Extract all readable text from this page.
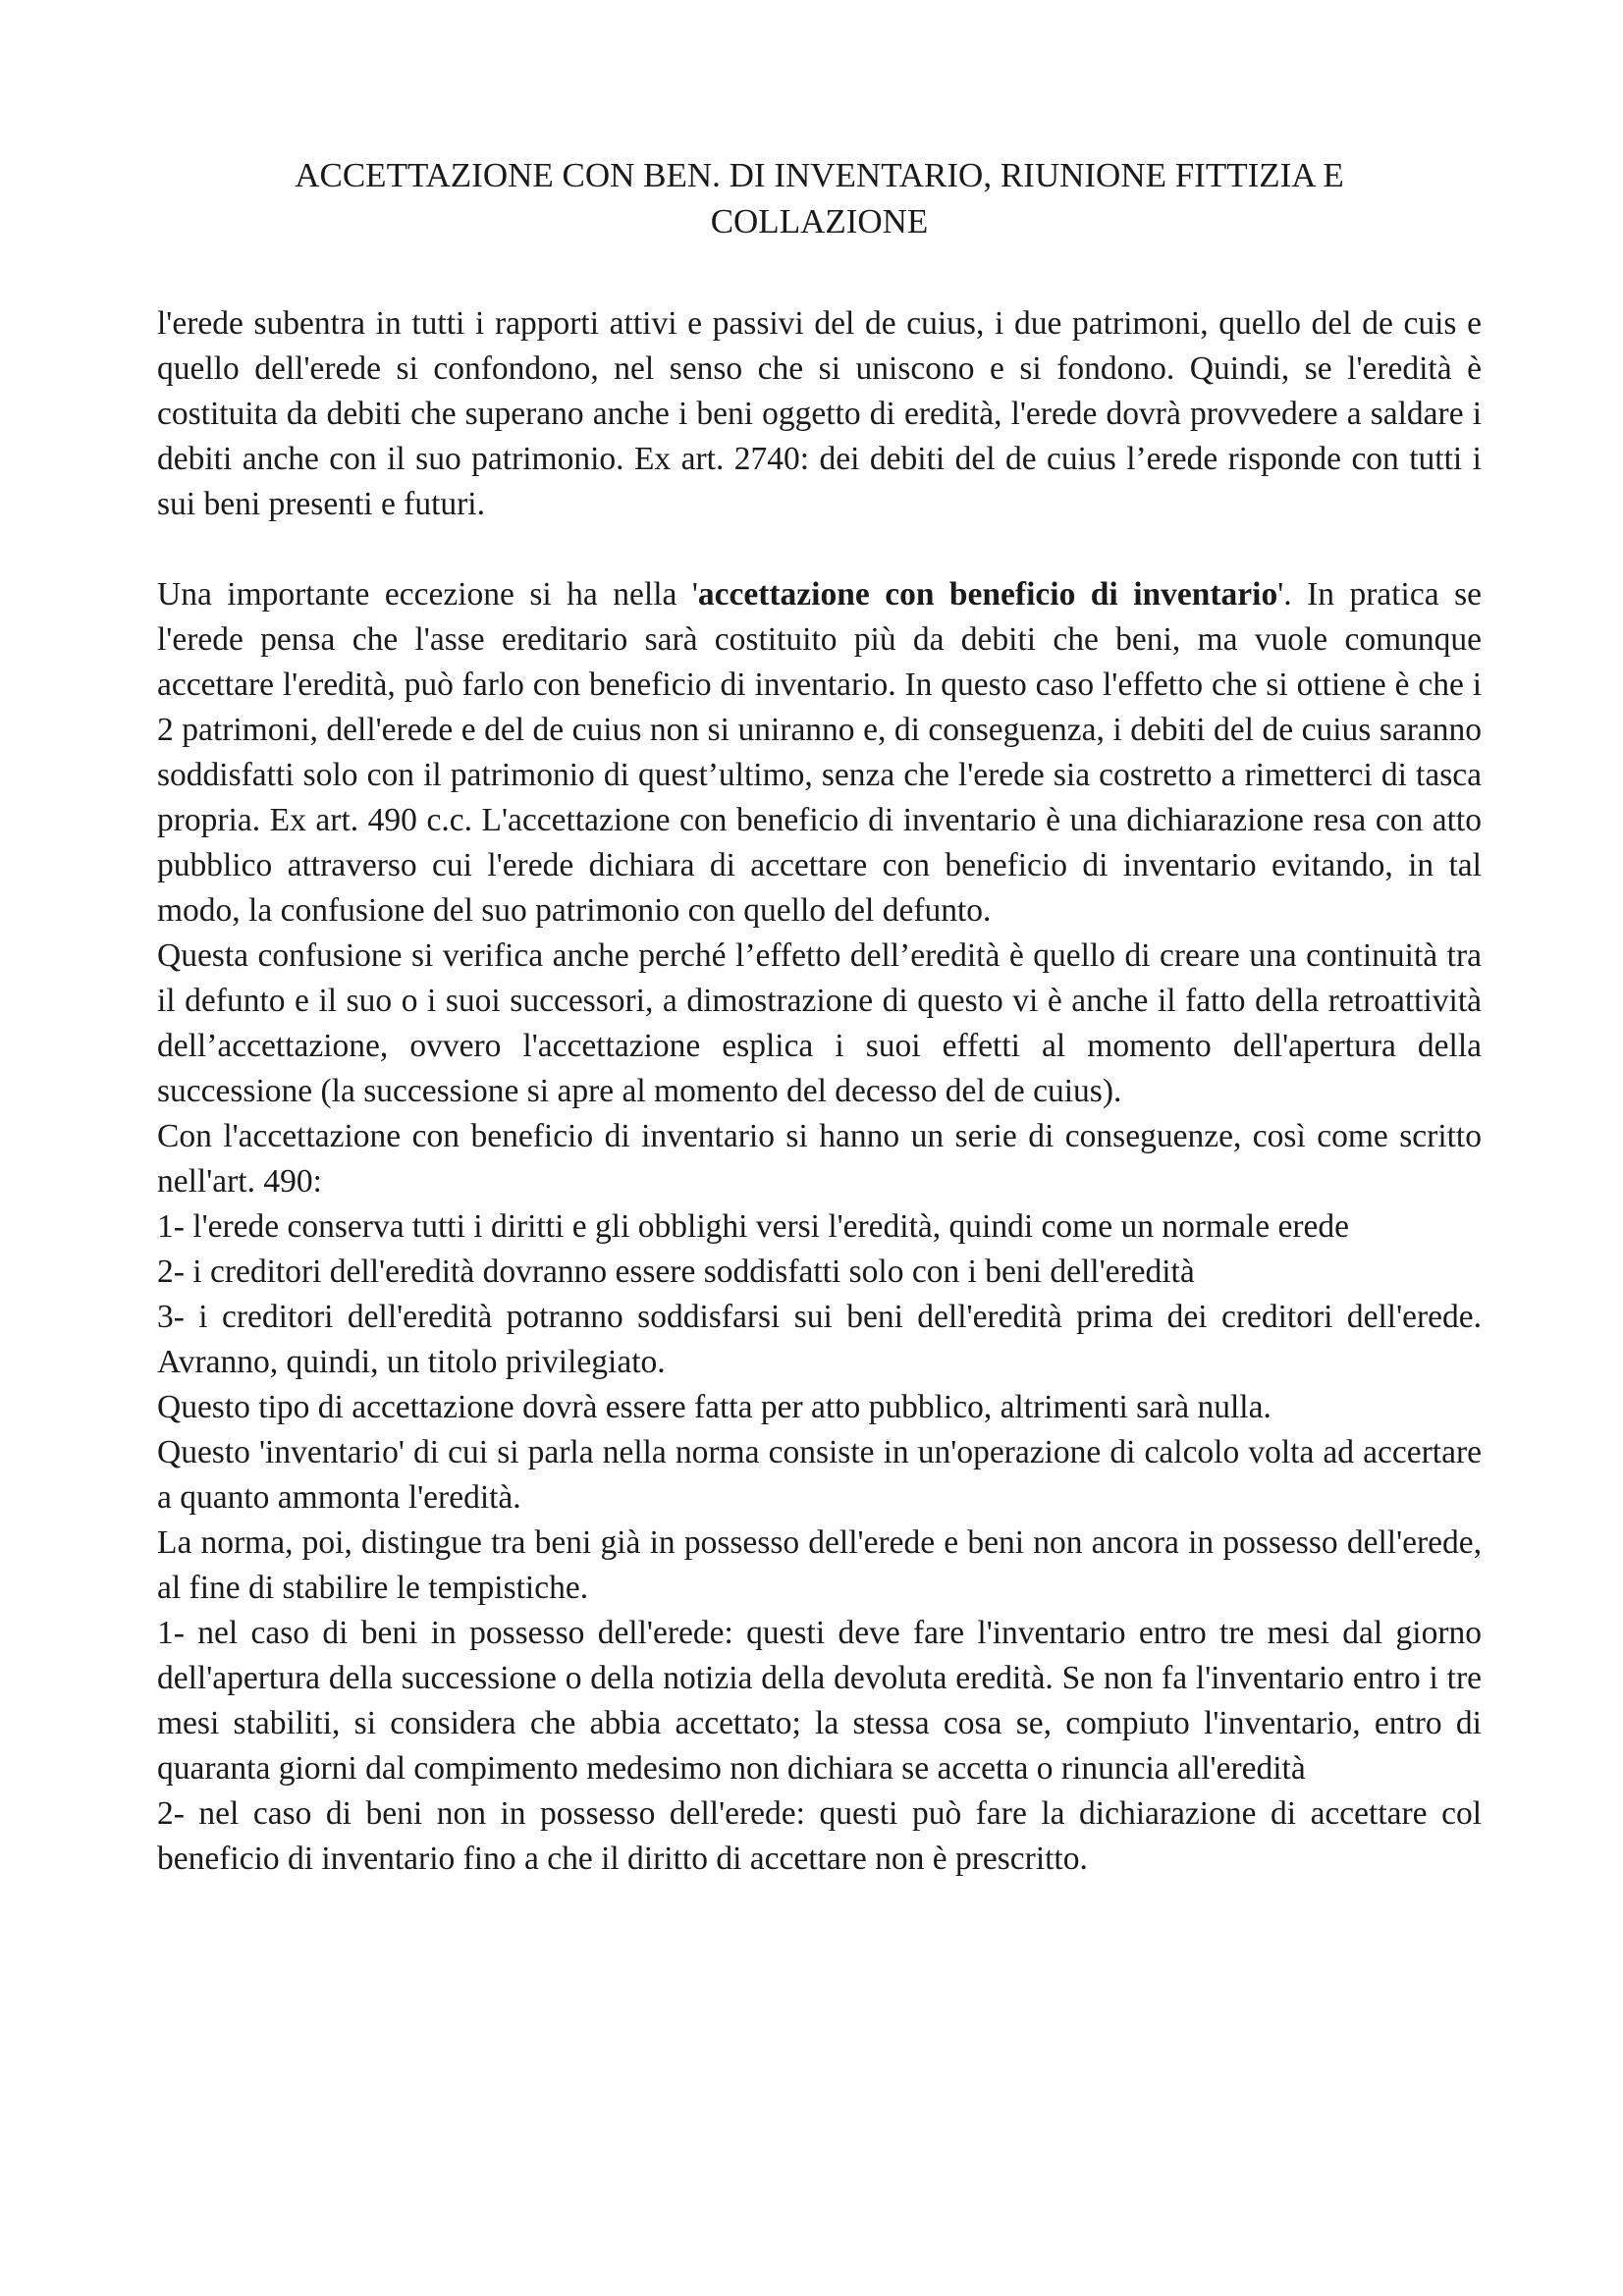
ACCETTAZIONE CON BEN. DI INVENTARIO, RIUNIONE FITTIZIA E
COLLAZIONE

l'erede subentra in tutti i rapporti attivi e passivi del de cuius, i due patrimoni, quello del de cuis e quello dell'erede si confondono, nel senso che si uniscono e si fondono. Quindi, se l'eredità è costituita da debiti che superano anche i beni oggetto di eredità, l'erede dovrà provvedere a saldare i debiti anche con il suo patrimonio. Ex art. 2740: dei debiti del de cuius l’erede risponde con tutti i sui beni presenti e futuri.

Una importante eccezione si ha nella 'accettazione con beneficio di inventario'. In pratica se l'erede pensa che l'asse ereditario sarà costituito più da debiti che beni, ma vuole comunque accettare l'eredità, può farlo con beneficio di inventario. In questo caso l'effetto che si ottiene è che i 2 patrimoni, dell'erede e del de cuius non si uniranno e, di conseguenza, i debiti del de cuius saranno soddisfatti solo con il patrimonio di quest’ultimo, senza che l'erede sia costretto a rimetterci di tasca propria. Ex art. 490 c.c. L'accettazione con beneficio di inventario è una dichiarazione resa con atto pubblico attraverso cui l'erede dichiara di accettare con beneficio di inventario evitando, in tal modo, la confusione del suo patrimonio con quello del defunto.

Questa confusione si verifica anche perché l’effetto dell’eredità è quello di creare una continuità tra il defunto e il suo o i suoi successori, a dimostrazione di questo vi è anche il fatto della retroattività dell’accettazione, ovvero l'accettazione esplica i suoi effetti al momento dell'apertura della successione (la successione si apre al momento del decesso del de cuius).

Con l'accettazione con beneficio di inventario si hanno un serie di conseguenze, così come scritto nell'art. 490:

1- l'erede conserva tutti i diritti e gli obblighi versi l'eredità, quindi come un normale erede

2- i creditori dell'eredità dovranno essere soddisfatti solo con i beni dell'eredità

3- i creditori dell'eredità potranno soddisfarsi sui beni dell'eredità prima dei creditori dell'erede. Avranno, quindi, un titolo privilegiato.

Questo tipo di accettazione dovrà essere fatta per atto pubblico, altrimenti sarà nulla.

Questo 'inventario' di cui si parla nella norma consiste in un'operazione di calcolo volta ad accertare a quanto ammonta l'eredità.

La norma, poi, distingue tra beni già in possesso dell'erede e beni non ancora in possesso dell'erede, al fine di stabilire le tempistiche.

1- nel caso di beni in possesso dell'erede: questi deve fare l'inventario entro tre mesi dal giorno dell'apertura della successione o della notizia della devoluta eredità. Se non fa l'inventario entro i tre mesi stabiliti, si considera che abbia accettato; la stessa cosa se, compiuto l'inventario, entro di quaranta giorni dal compimento medesimo non dichiara se accetta o rinuncia all'eredità

2- nel caso di beni non in possesso dell'erede: questi può fare la dichiarazione di accettare col beneficio di inventario fino a che il diritto di accettare non è prescritto.
